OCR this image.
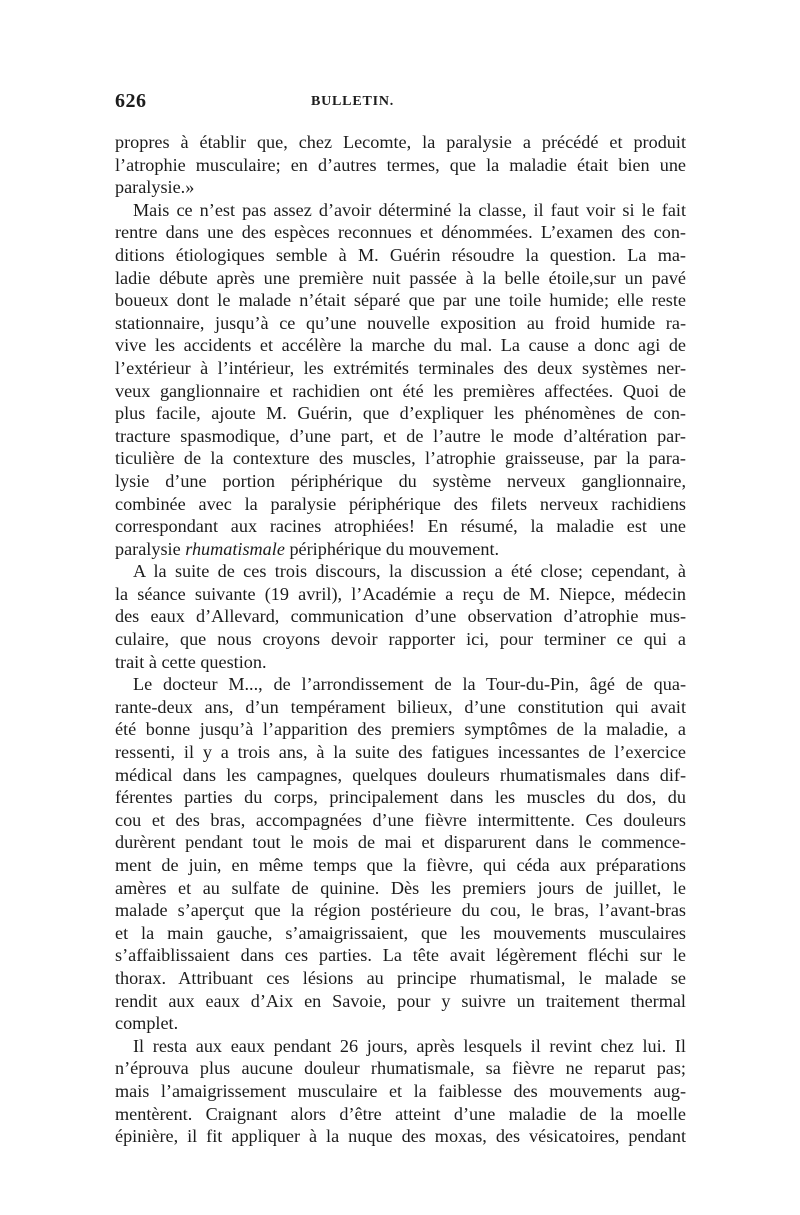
626	BULLETIN.
propres à établir que, chez Lecomte, la paralysie a précédé et produit
l’atrophie musculaire; en d’autres termes, que la maladie était bien une
paralysie.»
Mais ce n’est pas assez d’avoir déterminé la classe, il faut voir si le fait
rentre dans une des espèces reconnues et dénommées. L’examen des con-
ditions étiologiques semble à M. Guérin résoudre la question. La ma-
ladie débute après une première nuit passée à la belle étoile,sur un pavé
boueux dont le malade n’était séparé que par une toile humide; elle reste
stationnaire, jusqu’à ce qu’une nouvelle exposition au froid humide ra-
vive les accidents et accélère la marche du mal. La cause a donc agi de
l’extérieur à l’intérieur, les extrémités terminales des deux systèmes ner-
veux ganglionnaire et rachidien ont été les premières affectées. Quoi de
plus facile, ajoute M. Guérin, que d’expliquer les phénomènes de con-
tracture spasmodique, d’une part, et de l’autre le mode d’altération par-
ticulière de la contexture des muscles, l’atrophie graisseuse, par la para-
lysie d’une portion périphérique du système nerveux ganglionnaire,
combinée avec la paralysie périphérique des filets nerveux rachidiens
correspondant aux racines atrophiées! En résumé, la maladie est une
paralysie rhumatismale périphérique du mouvement.
A la suite de ces trois discours, la discussion a été close; cependant, à
la séance suivante (19 avril), l’Académie a reçu de M. Niepce, médecin
des eaux d’Allevard, communication d’une observation d’atrophie mus-
culaire, que nous croyons devoir rapporter ici, pour terminer ce qui a
trait à cette question.
Le docteur M..., de l’arrondissement de la Tour-du-Pin, âgé de qua-
rante-deux ans, d’un tempérament bilieux, d’une constitution qui avait
été bonne jusqu’à l’apparition des premiers symptômes de la maladie, a
ressenti, il y a trois ans, à la suite des fatigues incessantes de l’exercice
médical dans les campagnes, quelques douleurs rhumatismales dans dif-
férentes parties du corps, principalement dans les muscles du dos, du
cou et des bras, accompagnées d’une fièvre intermittente. Ces douleurs
durèrent pendant tout le mois de mai et disparurent dans le commence-
ment de juin, en même temps que la fièvre, qui céda aux préparations
amères et au sulfate de quinine. Dès les premiers jours de juillet, le
malade s’aperçut que la région postérieure du cou, le bras, l’avant-bras
et la main gauche, s’amaigrissaient, que les mouvements musculaires
s’affaiblissaient dans ces parties. La tête avait légèrement fléchi sur le
thorax. Attribuant ces lésions au principe rhumatismal, le malade se
rendit aux eaux d’Aix en Savoie, pour y suivre un traitement thermal
complet.
Il resta aux eaux pendant 26 jours, après lesquels il revint chez lui. Il
n’éprouva plus aucune douleur rhumatismale, sa fièvre ne reparut pas;
mais l’amaigrissement musculaire et la faiblesse des mouvements aug-
mentèrent. Craignant alors d’être atteint d’une maladie de la moelle
épinière, il fit appliquer à la nuque des moxas, des vésicatoires, pendant
